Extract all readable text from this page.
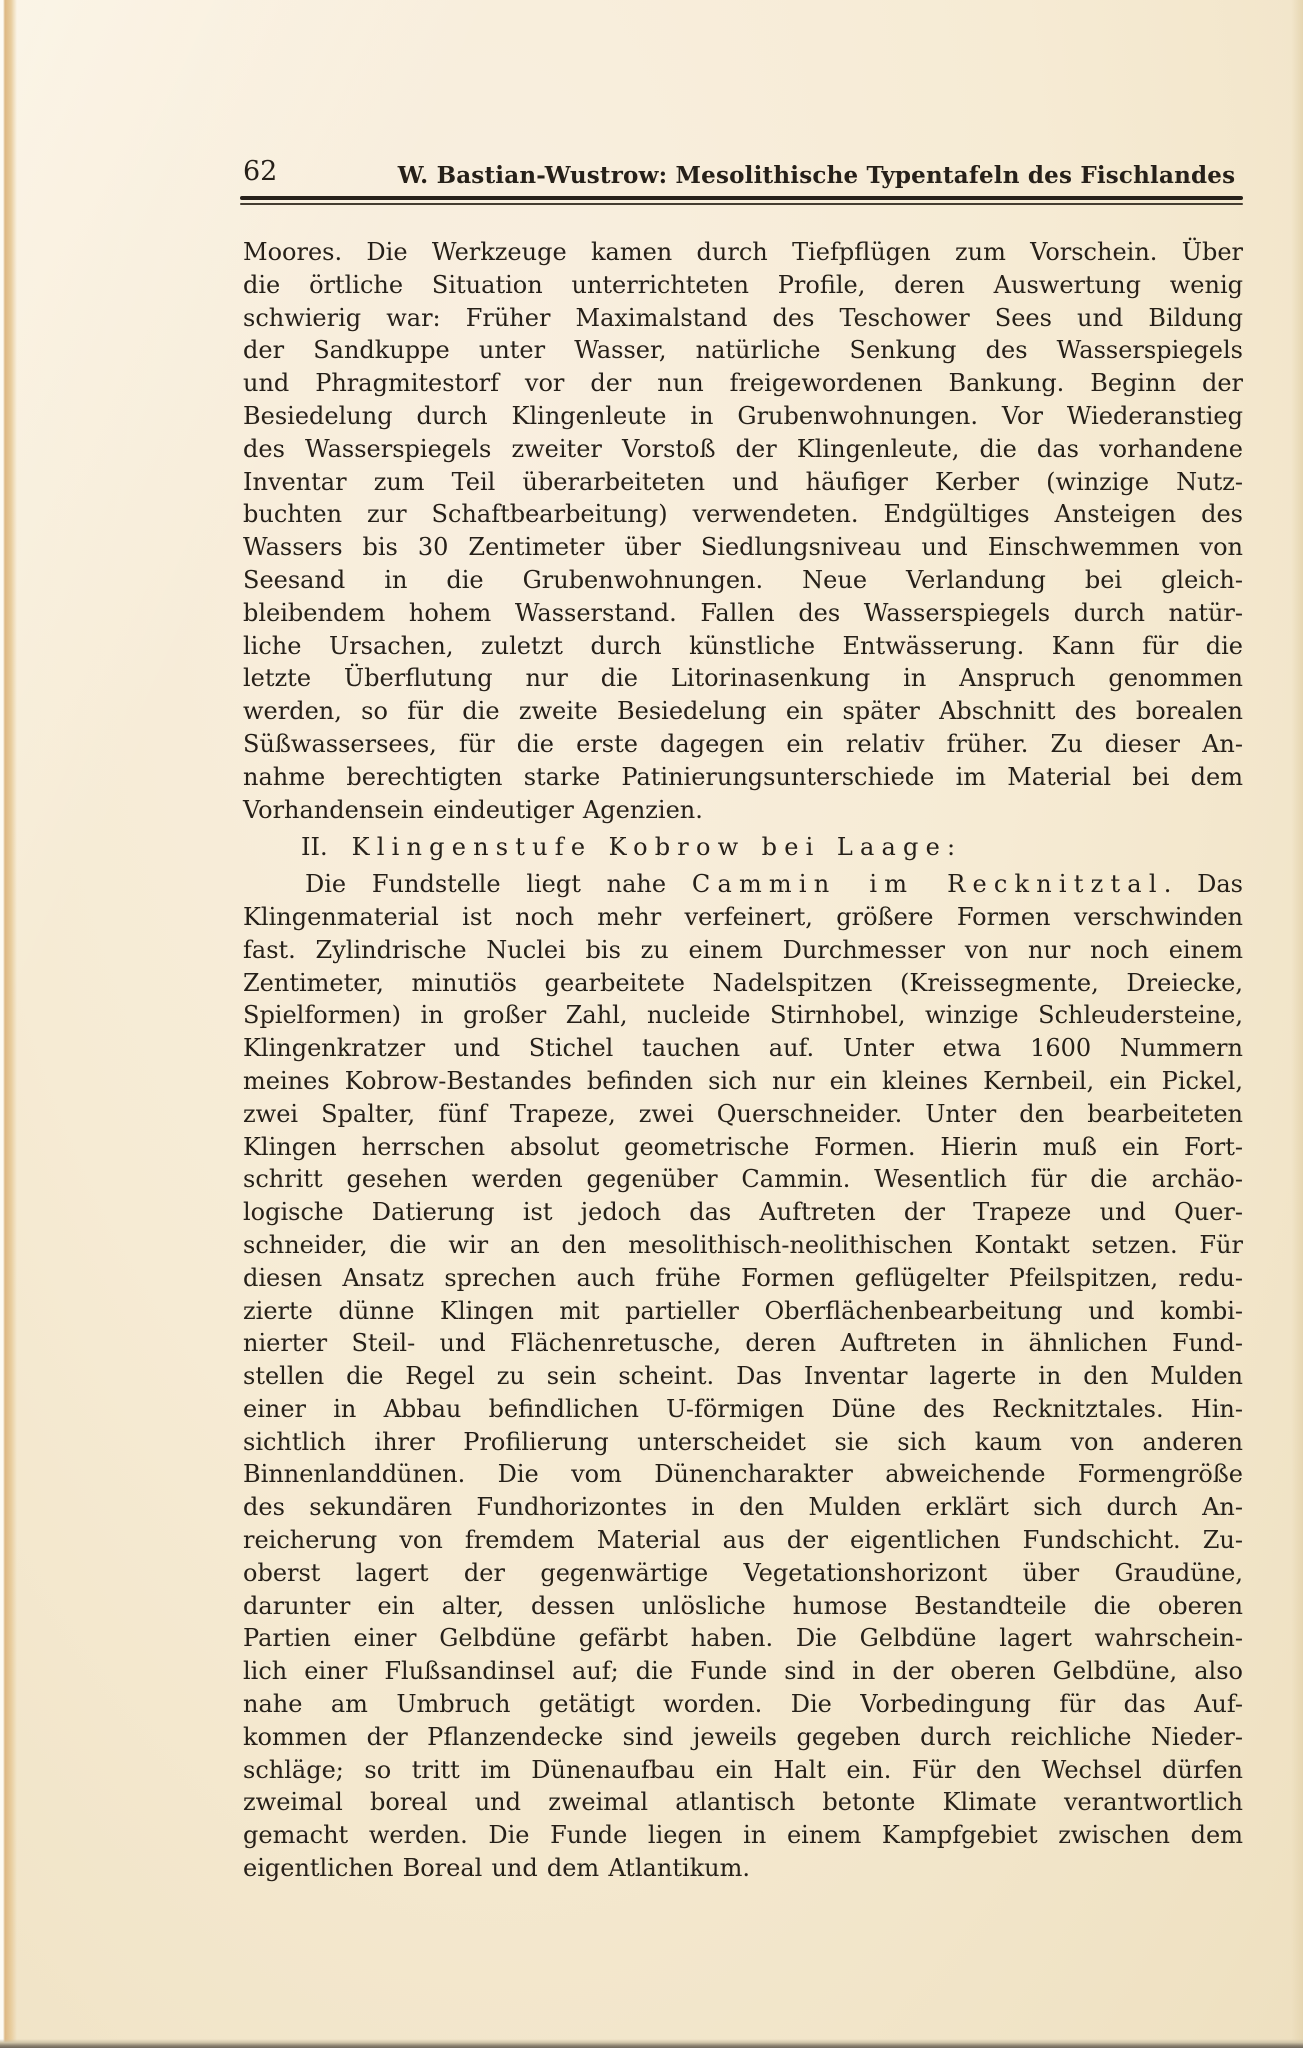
62	W. Bastian-Wustrow: Mesolithische Typentafeln des Fischlandes
Moores. Die Werkzeuge kamen durch Tiefpflügen zum Vorschein. Über
die örtliche Situation unterrichteten Profile, deren Auswertung wenig
schwierig war: Früher Maximalstand des Teschower Sees und Bildung
der Sandkuppe unter Wasser, natürliche Senkung des Wasserspiegels
und Phragmitestorf vor der nun freigewordenen Bankung. Beginn der
Besiedelung durch Klingenleute in Grubenwohnungen. Vor Wiederanstieg
des Wasserspiegels zweiter Vorstoß der Klingenleute, die das vorhandene
Inventar zum Teil überarbeiteten und häufiger Kerber (winzige Nutz-
buchten zur Schaftbearbeitung) verwendeten. Endgültiges Ansteigen des
Wassers bis 30 Zentimeter über Siedlungsniveau und Einschwemmen von
Seesand in die Grubenwohnungen. Neue Verlandung bei gleich-
bleibendem hohem Wasserstand. Fallen des Wasserspiegels durch natür-
liche Ursachen, zuletzt durch künstliche Entwässerung. Kann für die
letzte Überflutung nur die Litorinasenkung in Anspruch genommen
werden, so für die zweite Besiedelung ein später Abschnitt des borealen
Süßwassersees, für die erste dagegen ein relativ früher. Zu dieser An-
nahme berechtigten starke Patinierungsunterschiede im Material bei dem
Vorhandensein eindeutiger Agenzien.
II. Klingenstufe Kobrow bei Laage:
Die Fundstelle liegt nahe Cammin im Recknitztal. Das
Klingenmaterial ist noch mehr verfeinert, größere Formen verschwinden
fast. Zylindrische Nuclei bis zu einem Durchmesser von nur noch einem
Zentimeter, minutiös gearbeitete Nadelspitzen (Kreissegmente, Dreiecke,
Spielformen) in großer Zahl, nucleide Stirnhobel, winzige Schleudersteine,
Klingenkratzer und Stichel tauchen auf. Unter etwa 1600 Nummern
meines Kobrow-Bestandes befinden sich nur ein kleines Kernbeil, ein Pickel,
zwei Spalter, fünf Trapeze, zwei Querschneider. Unter den bearbeiteten
Klingen herrschen absolut geometrische Formen. Hierin muß ein Fort-
schritt gesehen werden gegenüber Cammin. Wesentlich für die archäo-
logische Datierung ist jedoch das Auftreten der Trapeze und Quer-
schneider, die wir an den mesolithisch-neolithischen Kontakt setzen. Für
diesen Ansatz sprechen auch frühe Formen geflügelter Pfeilspitzen, redu-
zierte dünne Klingen mit partieller Oberflächenbearbeitung und kombi-
nierter Steil- und Flächenretusche, deren Auftreten in ähnlichen Fund-
stellen die Regel zu sein scheint. Das Inventar lagerte in den Mulden
einer in Abbau befindlichen U-förmigen Düne des Recknitztales. Hin-
sichtlich ihrer Profilierung unterscheidet sie sich kaum von anderen
Binnenlanddünen. Die vom Dünencharakter abweichende Formengröße
des sekundären Fundhorizontes in den Mulden erklärt sich durch An-
reicherung von fremdem Material aus der eigentlichen Fundschicht. Zu-
oberst lagert der gegenwärtige Vegetationshorizont über Graudüne,
darunter ein alter, dessen unlösliche humose Bestandteile die oberen
Partien einer Gelbdüne gefärbt haben. Die Gelbdüne lagert wahrschein-
lich einer Flußsandinsel auf; die Funde sind in der oberen Gelbdüne, also
nahe am Umbruch getätigt worden. Die Vorbedingung für das Auf-
kommen der Pflanzendecke sind jeweils gegeben durch reichliche Nieder-
schläge; so tritt im Dünenaufbau ein Halt ein. Für den Wechsel dürfen
zweimal boreal und zweimal atlantisch betonte Klimate verantwortlich
gemacht werden. Die Funde liegen in einem Kampfgebiet zwischen dem
eigentlichen Boreal und dem Atlantikum.
